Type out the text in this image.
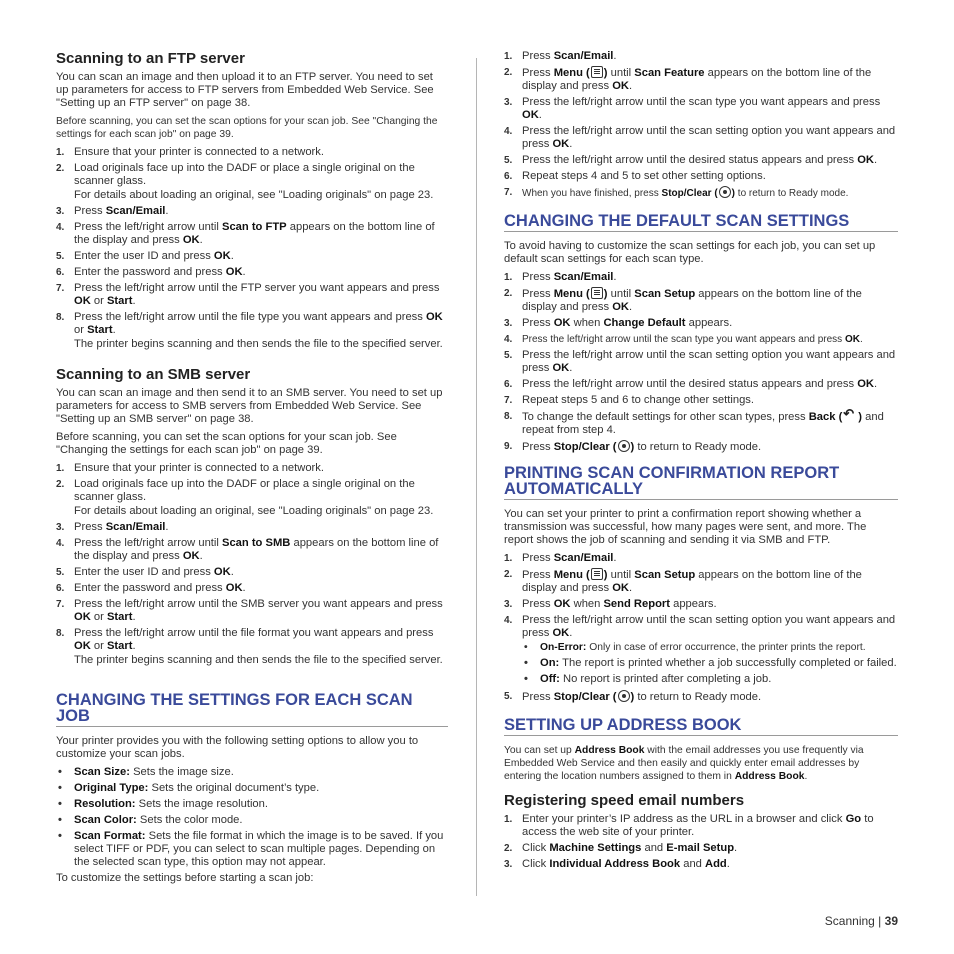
Scanning to an FTP server

You can scan an image and then upload it to an FTP server. You need to set up parameters for access to FTP servers from Embedded Web Service. See "Setting up an FTP server" on page 38.

Before scanning, you can set the scan options for your scan job. See "Changing the settings for each scan job" on page 39.

1. Ensure that your printer is connected to a network.
2. Load originals face up into the DADF or place a single original on the scanner glass.
For details about loading an original, see "Loading originals" on page 23.
3. Press Scan/Email.
4. Press the left/right arrow until Scan to FTP appears on the bottom line of the display and press OK.
5. Enter the user ID and press OK.
6. Enter the password and press OK.
7. Press the left/right arrow until the FTP server you want appears and press OK or Start.
8. Press the left/right arrow until the file type you want appears and press OK or Start.
The printer begins scanning and then sends the file to the specified server.
Scanning to an SMB server

You can scan an image and then send it to an SMB server. You need to set up parameters for access to SMB servers from Embedded Web Service. See "Setting up an SMB server" on page 38.

Before scanning, you can set the scan options for your scan job. See "Changing the settings for each scan job" on page 39.

1. Ensure that your printer is connected to a network.
2. Load originals face up into the DADF or place a single original on the scanner glass.
For details about loading an original, see "Loading originals" on page 23.
3. Press Scan/Email.
4. Press the left/right arrow until Scan to SMB appears on the bottom line of the display and press OK.
5. Enter the user ID and press OK.
6. Enter the password and press OK.
7. Press the left/right arrow until the SMB server you want appears and press OK or Start.
8. Press the left/right arrow until the file format you want appears and press OK or Start.
The printer begins scanning and then sends the file to the specified server.
CHANGING THE SETTINGS FOR EACH SCAN JOB

Your printer provides you with the following setting options to allow you to customize your scan jobs.

• Scan Size: Sets the image size.
• Original Type: Sets the original document’s type.
• Resolution: Sets the image resolution.
• Scan Color: Sets the color mode.
• Scan Format: Sets the file format in which the image is to be saved. If you select TIFF or PDF, you can select to scan multiple pages. Depending on the selected scan type, this option may not appear.

To customize the settings before starting a scan job:

1. Press Scan/Email.
2. Press Menu ( ) until Scan Feature appears on the bottom line of the display and press OK.
3. Press the left/right arrow until the scan type you want appears and press OK.
4. Press the left/right arrow until the scan setting option you want appears and press OK.
5. Press the left/right arrow until the desired status appears and press OK.
6. Repeat steps 4 and 5 to set other setting options.
7. When you have finished, press Stop/Clear ( ) to return to Ready mode.
CHANGING THE DEFAULT SCAN SETTINGS

To avoid having to customize the scan settings for each job, you can set up default scan settings for each scan type.

1. Press Scan/Email.
2. Press Menu ( ) until Scan Setup appears on the bottom line of the display and press OK.
3. Press OK when Change Default appears.
4. Press the left/right arrow until the scan type you want appears and press OK.
5. Press the left/right arrow until the scan setting option you want appears and press OK.
6. Press the left/right arrow until the desired status appears and press OK.
7. Repeat steps 5 and 6 to change other settings.
8. To change the default settings for other scan types, press Back (↶ ) and repeat from step 4.
9. Press Stop/Clear ( ) to return to Ready mode.
PRINTING SCAN CONFIRMATION REPORT
AUTOMATICALLY

You can set your printer to print a confirmation report showing whether a transmission was successful, how many pages were sent, and more. The report shows the job of scanning and sending it via SMB and FTP.

1. Press Scan/Email.
2. Press Menu ( ) until Scan Setup appears on the bottom line of the display and press OK.
3. Press OK when Send Report appears.
4. Press the left/right arrow until the scan setting option you want appears and press OK.
• On-Error: Only in case of error occurrence, the printer prints the report.
• On: The report is printed whether a job successfully completed or failed.
• Off: No report is printed after completing a job.
5. Press Stop/Clear ( ) to return to Ready mode.
SETTING UP ADDRESS BOOK

You can set up Address Book with the email addresses you use frequently via Embedded Web Service and then easily and quickly enter email addresses by entering the location numbers assigned to them in Address Book.

Registering speed email numbers
1. Enter your printer’s IP address as the URL in a browser and click Go to access the web site of your printer.
2. Click Machine Settings and E-mail Setup.
3. Click Individual Address Book and Add.
Scanning | 39
